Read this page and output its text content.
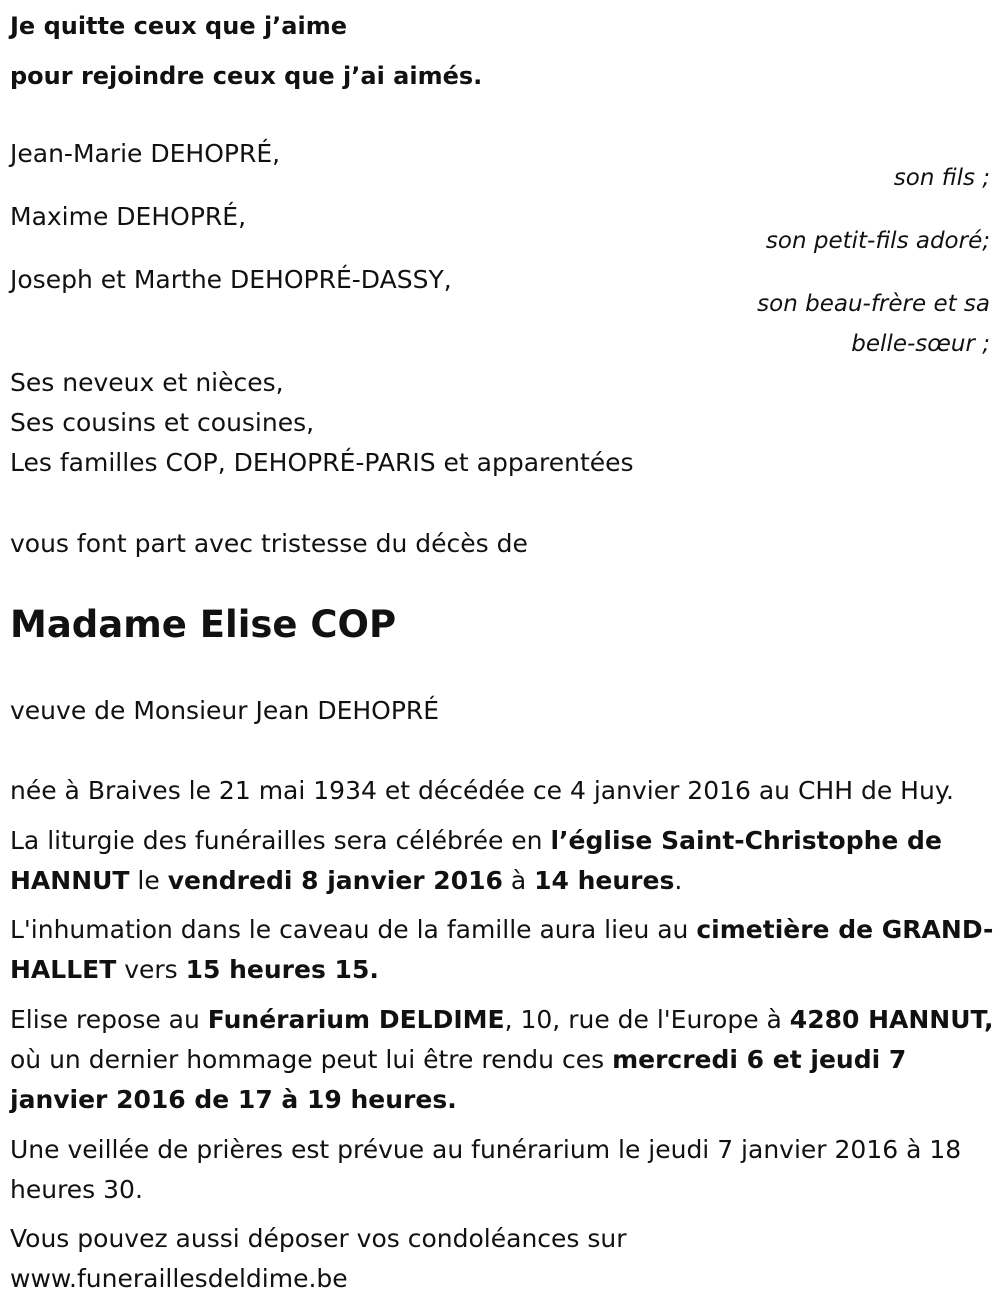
Je quitte ceux que j’aime
pour rejoindre ceux que j’ai aimés.
Jean-Marie DEHOPRÉ,
son fils ;
Maxime DEHOPRÉ,
son petit-fils adoré;
Joseph et Marthe DEHOPRÉ-DASSY,
son beau-frère et sa
belle-sœur ;
Ses neveux et nièces,
Ses cousins et cousines,
Les familles COP, DEHOPRÉ-PARIS et apparentées
vous font part avec tristesse du décès de
Madame Elise COP
veuve de Monsieur Jean DEHOPRÉ
née à Braives le 21 mai 1934 et décédée ce 4 janvier 2016 au CHH de Huy.
La liturgie des funérailles sera célébrée en l’église Saint-Christophe de HANNUT le vendredi 8 janvier 2016 à 14 heures.
L'inhumation dans le caveau de la famille aura lieu au cimetière de GRAND-HALLET vers 15 heures 15.
Elise repose au Funérarium DELDIME, 10, rue de l'Europe à 4280 HANNUT, où un dernier hommage peut lui être rendu ces mercredi 6 et jeudi 7 janvier 2016 de 17 à 19 heures.
Une veillée de prières est prévue au funérarium le jeudi 7 janvier 2016 à 18 heures 30.
Vous pouvez aussi déposer vos condoléances sur
www.funeraillesdeldime.be
